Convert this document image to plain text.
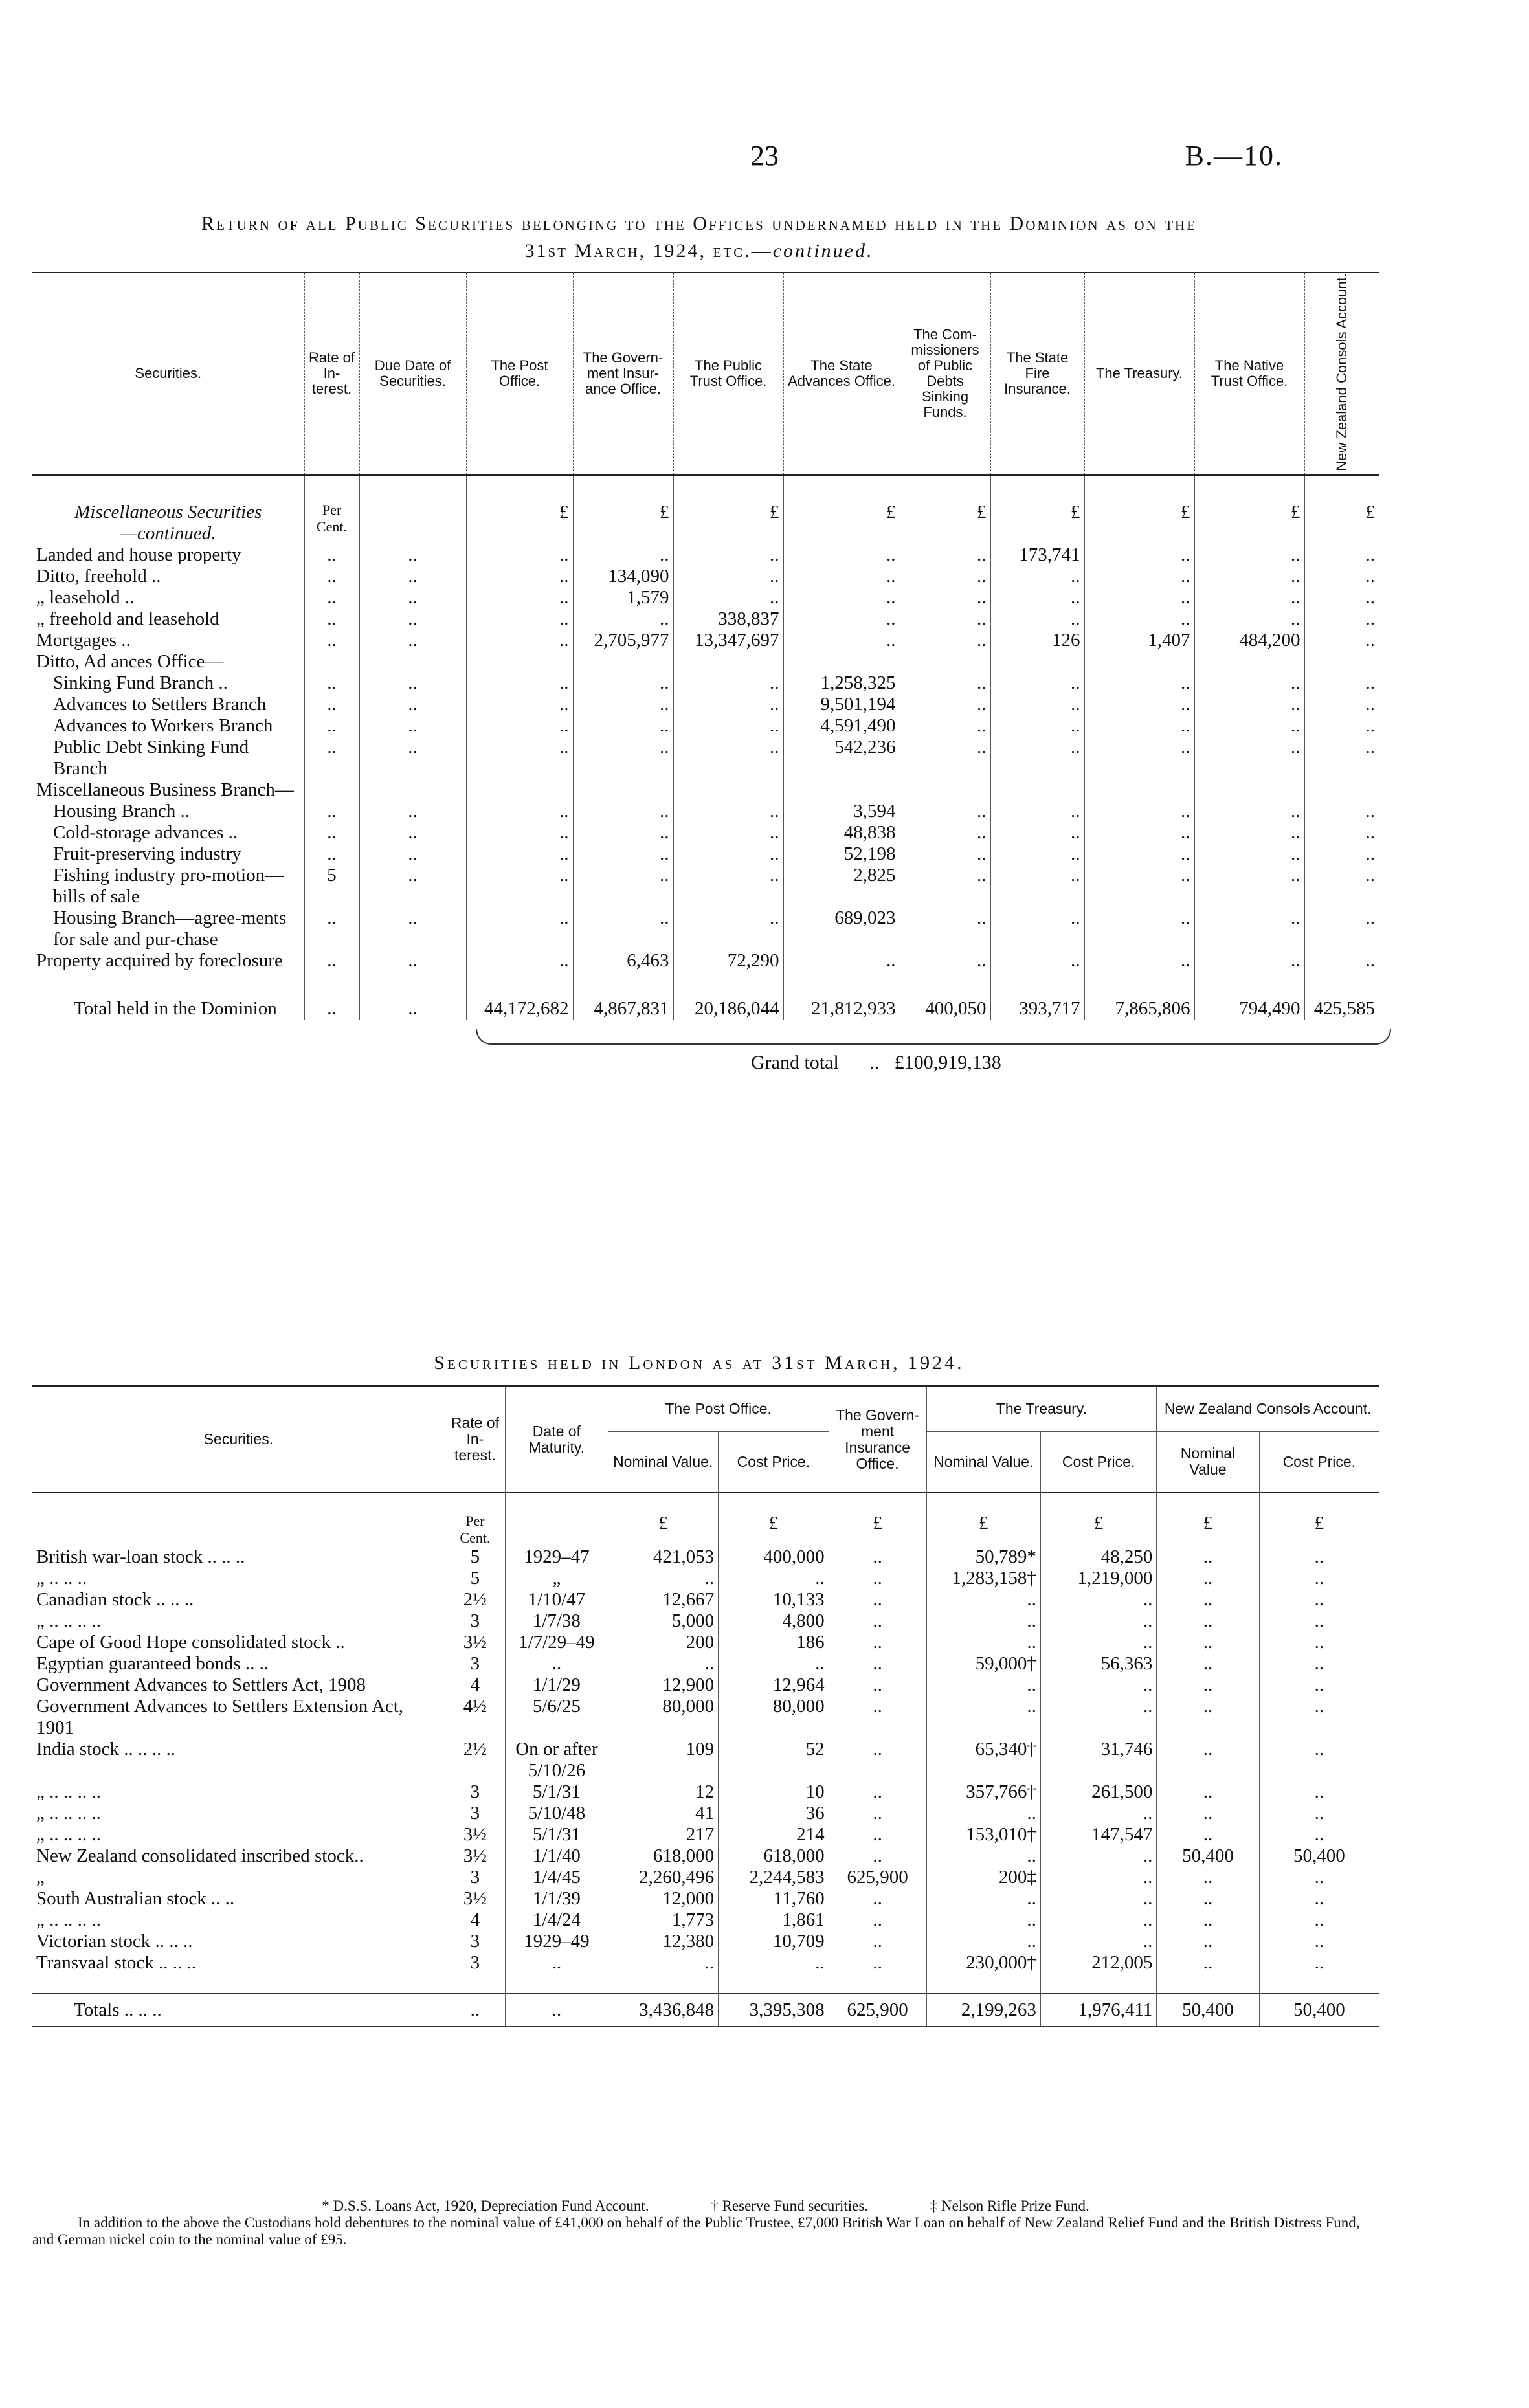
23	B.—10.
Return of all Public Securities belonging to the Offices undernamed held in the Dominion as on the
31st March, 1924, etc.—continued.
Securities.	Rate of In-terest.	Due Date of Securities.	The Post Office.	The Govern-ment Insur-ance Office.	The Public Trust Office.	The State Advances Office.	The Com-missioners of Public Debts Sinking Funds.	The State Fire Insurance.	The Treasury.	The Native Trust Office.	New Zealand Consols Account.

Miscellaneous Securities
—continued.	Per Cent.		£	£	£	£	£	£	£	£	£
Landed and house property	..	..	..	..	..	..	..	173,741	..	..	..
Ditto, freehold ..	..	..	..	134,090	..	..	..	..	..	..	..
„ leasehold ..	..	..	..	1,579	..	..	..	..	..	..	..
„ freehold and leasehold	..	..	..	..	338,837	..	..	..	..	..	..
Mortgages ..	..	..	..	2,705,977	13,347,697	..	..	126	1,407	484,200	..
Ditto, Ad ances Office—											
Sinking Fund Branch ..	..	..	..	..	..	1,258,325	..	..	..	..	..
Advances to Settlers Branch	..	..	..	..	..	9,501,194	..	..	..	..	..
Advances to Workers Branch	..	..	..	..	..	4,591,490	..	..	..	..	..
Public Debt Sinking Fund Branch	..	..	..	..	..	542,236	..	..	..	..	..
Miscellaneous Business Branch—											
Housing Branch ..	..	..	..	..	..	3,594	..	..	..	..	..
Cold-storage advances ..	..	..	..	..	..	48,838	..	..	..	..	..
Fruit-preserving industry	..	..	..	..	..	52,198	..	..	..	..	..
Fishing industry pro-motion—bills of sale	5	..	..	..	..	2,825	..	..	..	..	..
Housing Branch—agree-ments for sale and pur-chase	..	..	..	..	..	689,023	..	..	..	..	..
Property acquired by foreclosure	..	..	..	6,463	72,290	..	..	..	..	..	..

Total held in the Dominion	..	..	44,172,682	4,867,831	20,186,044	21,812,933	400,050	393,717	7,865,806	794,490	425,585
Grand total .. £100,919,138
Securities held in London as at 31st March, 1924.
Securities.	Rate of In-terest.	Date of Maturity.	The Post Office.		The Govern-ment Insurance Office.	The Treasury.		New Zealand Consols Account.	
			Nominal Value.	Cost Price.		Nominal Value.	Cost Price.	Nominal Value	Cost Price.

	Per Cent.		£	£	£	£	£	£	£
British war-loan stock .. .. ..	5	1929–47	421,053	400,000	..	50,789*	48,250	..	..
„ .. .. ..	5	„	..	..	..	1,283,158†	1,219,000	..	..
Canadian stock .. .. ..	2½	1/10/47	12,667	10,133	..	..	..	..	..
„ .. .. .. ..	3	1/7/38	5,000	4,800	..	..	..	..	..
Cape of Good Hope consolidated stock ..	3½	1/7/29–49	200	186	..	..	..	..	..
Egyptian guaranteed bonds .. ..	3	..	..	..	..	59,000†	56,363	..	..
Government Advances to Settlers Act, 1908	4	1/1/29	12,900	12,964	..	..	..	..	..
Government Advances to Settlers Extension Act, 1901	4½	5/6/25	80,000	80,000	..	..	..	..	..
India stock .. .. .. ..	2½	On or after 5/10/26	109	52	..	65,340†	31,746	..	..
„ .. .. .. ..	3	5/1/31	12	10	..	357,766†	261,500	..	..
„ .. .. .. ..	3	5/10/48	41	36	..	..	..	..	..
„ .. .. .. ..	3½	5/1/31	217	214	..	153,010†	147,547	..	..
New Zealand consolidated inscribed stock..	3½	1/1/40	618,000	618,000	..	..	..	50,400	50,400
„	3	1/4/45	2,260,496	2,244,583	625,900	200‡	..	..	..
South Australian stock .. ..	3½	1/1/39	12,000	11,760	..	..	..	..	..
„ .. .. .. ..	4	1/4/24	1,773	1,861	..	..	..	..	..
Victorian stock .. .. ..	3	1929–49	12,380	10,709	..	..	..	..	..
Transvaal stock .. .. ..	3	..	..	..	..	230,000†	212,005	..	..

Totals .. .. ..	..	..	3,436,848	3,395,308	625,900	2,199,263	1,976,411	50,400	50,400
* D.S.S. Loans Act, 1920, Depreciation Fund Account.	† Reserve Fund securities.	‡ Nelson Rifle Prize Fund.
In addition to the above the Custodians hold debentures to the nominal value of £41,000 on behalf of the Public Trustee, £7,000 British War Loan on behalf of New Zealand Relief Fund and the British Distress Fund, and German nickel coin to the nominal value of £95.
